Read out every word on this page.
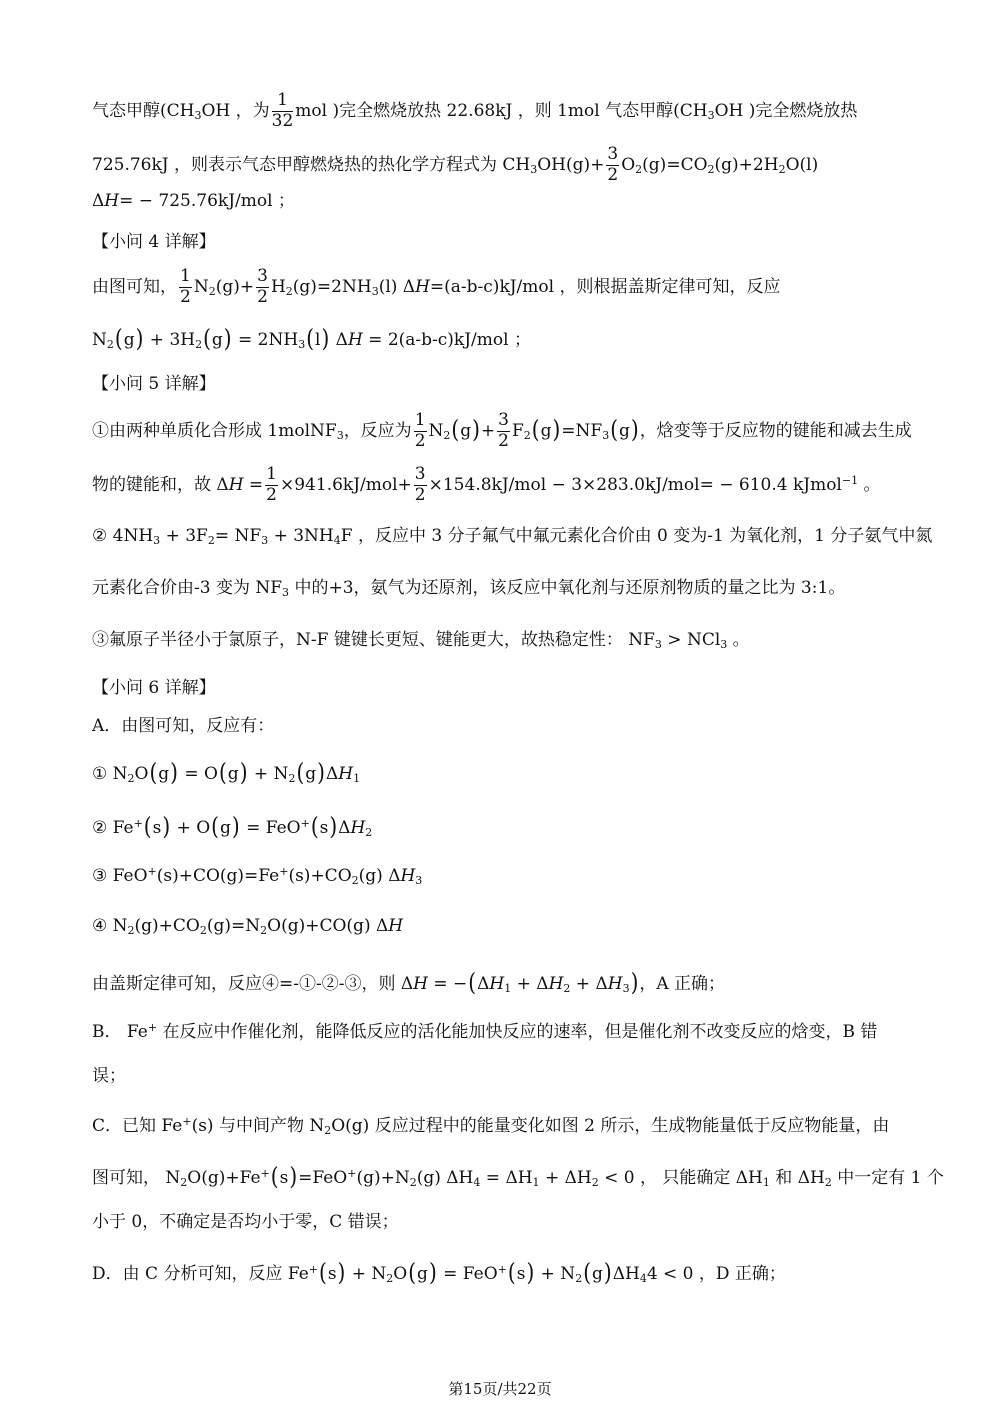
气态甲醇($CH_3OH$ ，为 $\frac{1}{32}$ mol )完全燃烧放热 22.68kJ ，则 1mol 气态甲醇($CH_3OH$ )完全燃烧放热
725.76kJ ，则表示气态甲醇燃烧热的热化学方程式为 $CH_3OH(g)+ \frac{3}{2} O_2(g)=CO_2(g)+2H_2O(l)$
ΔH= − 725.76kJ/mol ；
【小问 4 详解】
由图可知， $\frac{1}{2} N_2(g)+ \frac{3}{2} H_2(g)=2NH_3(l)$ ΔH=(a-b-c)kJ/mol ，则根据盖斯定律可知，反应
$N_2(g) + 3H_2(g) = 2NH_3(l) \Delta H = 2(a-b-c)kJ/mol$ ；
【小问 5 详解】
①由两种单质化合形成 1molNF$_3$，反应为 $\frac{1}{2} N_2(g)+ \frac{3}{2} F_2(g)=NF_3(g)$，焓变等于反应物的键能和减去生成
物的键能和，故 $\Delta H = \frac{1}{2} \times 941.6kJ/mol+ \frac{3}{2} \times 154.8kJ/mol - 3\times 283.0kJ/mol= - 610.4$ kJmol$^{-1}$ 。
② $4NH_3 + 3F_2= NF_3 + 3NH_4F$ ，反应中 3 分子氟气中氟元素化合价由 0 变为-1 为氧化剂，1 分子氨气中氮
元素化合价由-3 变为 $NF_3$ 中的+3，氨气为还原剂，该反应中氧化剂与还原剂物质的量之比为 3:1。
③氟原子半径小于氯原子，N-F 键键长更短、键能更大，故热稳定性： $NF_3 > NCl_3$ 。
【小问 6 详解】
A．由图可知，反应有：
① $N_2O(g) = O(g) + N_2(g)\Delta H_1$
② $Fe^+(s) + O(g) = FeO^+(s)\Delta H_2$
③ $FeO^+(s)+CO(g)=Fe^+(s)+CO_2(g)$ $\Delta H_3$
④ $N_2(g)+CO_2(g)=N_2O(g)+CO(g)$ ΔH
由盖斯定律可知，反应④=-①-②-③，则 $\Delta H = -(\Delta H_1 + \Delta H_2 + \Delta H_3)$，A 正确；
B． Fe+ 在反应中作催化剂，能降低反应的活化能加快反应的速率，但是催化剂不改变反应的焓变，B 错
误；
C．已知 Fe+(s) 与中间产物 $N_2O(g)$ 反应过程中的能量变化如图 2 所示，生成物能量低于反应物能量，由
图可知， $N_2O(g)+Fe^+(s)=FeO^+(g)+N_2(g) \Delta H_4 = \Delta H_1 + \Delta H_2 < 0$ ， 只能确定 $\Delta H_1$ 和 $\Delta H_2$ 中一定有 1 个
小于 0，不确定是否均小于零，C 错误；
D．由 C 分析可知，反应 $Fe^+(s) + N_2O(g) = FeO^+(s) + N_2(g)\Delta H_44 < 0$ ，D 正确；
第15页/共22页
